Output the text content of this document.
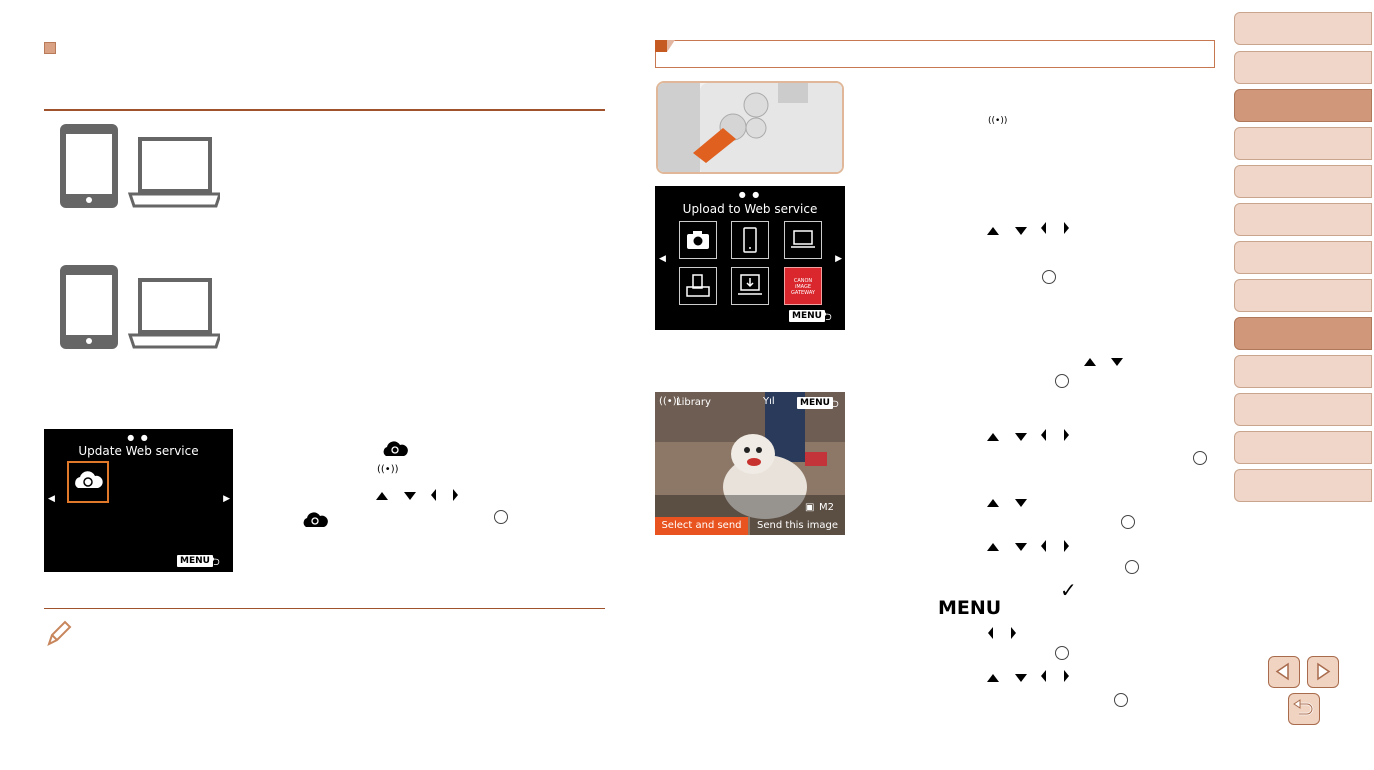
● ●
Update Web service
◀	▶
MENU ⮌
((•))
● ●
Upload to Web service
CANON iMAGE GATEWAY
◀	▶
MENU ⮌
((•))
Library	Yıl	MENU ⮌
▣ M2
Select and send	Send this image
((•))
✓
MENU
